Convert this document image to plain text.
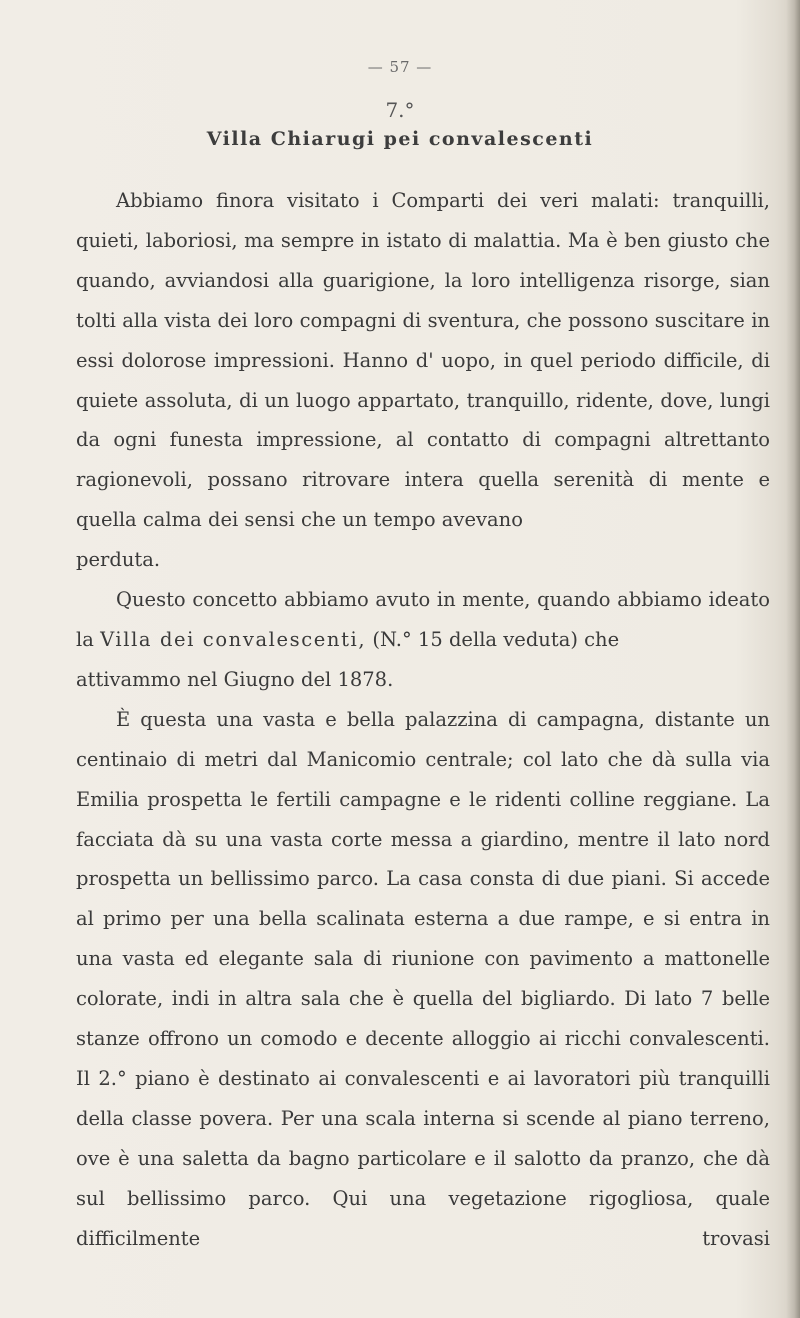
— 57 —
7.°
Villa Chiarugi pei convalescenti

Abbiamo finora visitato i Comparti dei veri malati: tranquilli, quieti, laboriosi, ma sempre in istato di malattia. Ma è ben giusto che quando, avviandosi alla guarigione, la loro intelligenza risorge, sian tolti alla vista dei loro compagni di sventura, che possono suscitare in essi dolorose impressioni. Hanno d' uopo, in quel periodo difficile, di quiete assoluta, di un luogo appartato, tranquillo, ridente, dove, lungi da ogni funesta impressione, al contatto di compagni altrettanto ragionevoli, possano ritrovare intera quella serenità di mente e quella calma dei sensi che un tempo avevano
perduta.

Questo concetto abbiamo avuto in mente, quando abbiamo ideato la Villa dei convalescenti, (N.° 15 della veduta) che
attivammo nel Giugno del 1878.

È questa una vasta e bella palazzina di campagna, distante un centinaio di metri dal Manicomio centrale; col lato che dà sulla via Emilia prospetta le fertili campagne e le ridenti colline reggiane. La facciata dà su una vasta corte messa a giardino, mentre il lato nord prospetta un bellissimo parco. La casa consta di due piani. Si accede al primo per una bella scalinata esterna a due rampe, e si entra in una vasta ed elegante sala di riunione con pavimento a mattonelle colorate, indi in altra sala che è quella del bigliardo. Di lato 7 belle stanze offrono un comodo e decente alloggio ai ricchi convalescenti. Il 2.° piano è destinato ai convalescenti e ai lavoratori più tranquilli della classe povera. Per una scala interna si scende al piano terreno, ove è una saletta da bagno particolare e il salotto da pranzo, che dà sul bellissimo parco. Qui una vegetazione rigogliosa, quale difficilmente trovasi
